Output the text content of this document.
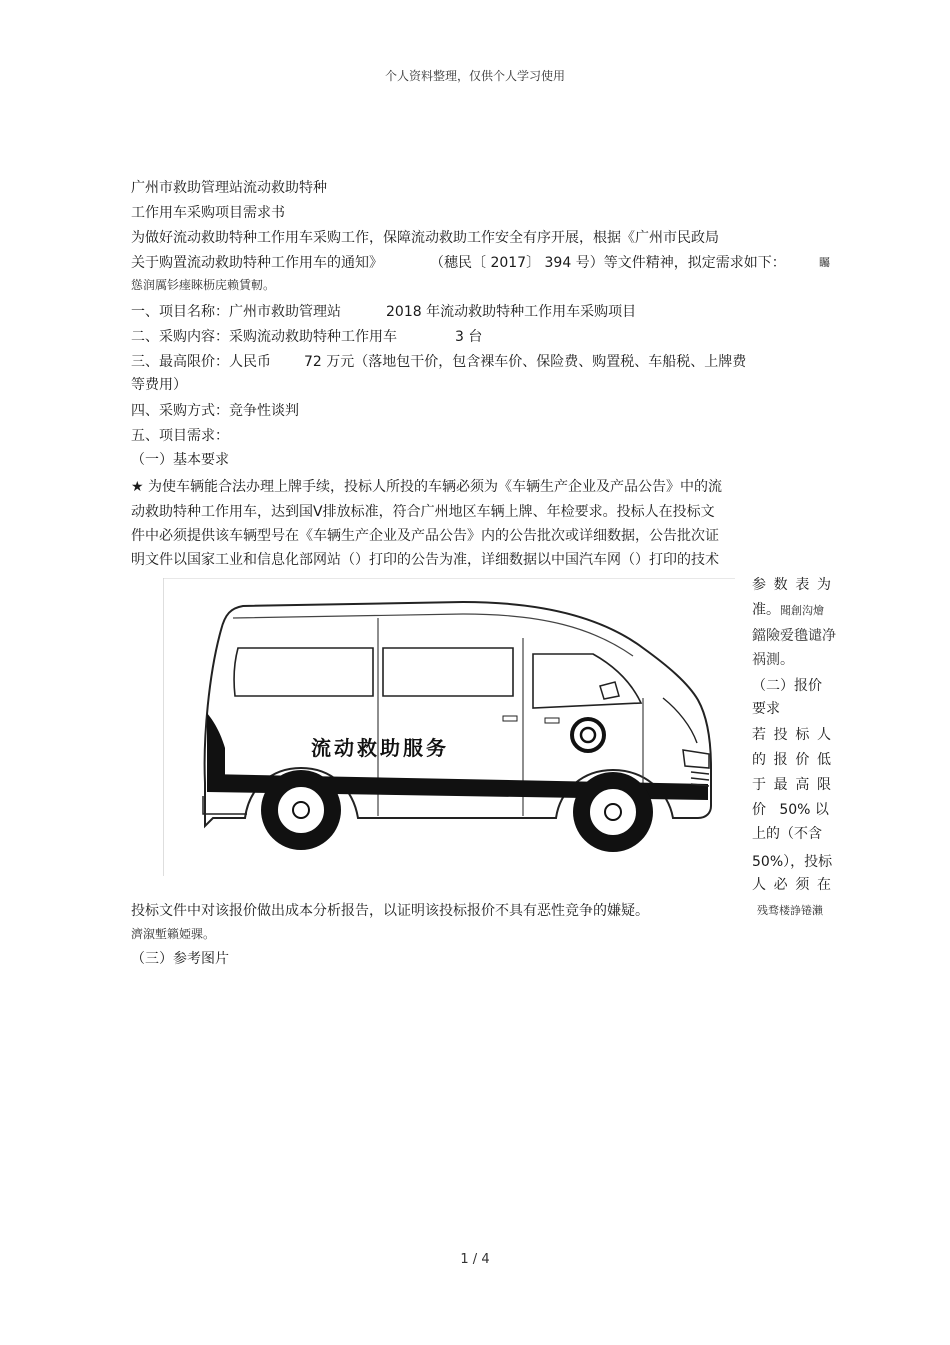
个人资料整理，仅供个人学习使用
广州市救助管理站流动救助特种
工作用车采购项目需求书
为做好流动救助特种工作用车采购工作，保障流动救助工作安全有序开展，根据《广州市民政局
关于购置流动救助特种工作用车的通知》	（穗民〔 2017〕 394 号）等文件精神，拟定需求如下：	矚
慫润厲钐瘗睞枥庑赖賃軔。
一、项目名称：广州市救助管理站	2018 年流动救助特种工作用车采购项目
二、采购内容：采购流动救助特种工作用车	3 台
三、最高限价：人民币 72 万元（落地包干价，包含裸车价、保险费、购置税、车船税、上牌费
等费用）
四、采购方式：竞争性谈判
五、项目需求：
（一）基本要求
★ 为使车辆能合法办理上牌手续，投标人所投的车辆必须为《车辆生产企业及产品公告》中的流
动救助特种工作用车，达到国Ⅴ排放标准，符合广州地区车辆上牌、年检要求。投标人在投标文
件中必须提供该车辆型号在《车辆生产企业及产品公告》内的公告批次或详细数据，公告批次证
明文件以国家工业和信息化部网站（）打印的公告为准，详细数据以中国汽车网（）打印的技术
参 数 表 为
准。聞創沟燴
鐺險爱氇谴净
祸測。
（二）报价
要求
若 投 标 人
的 报 价 低
于 最 高 限
价   50% 以
上的（不含
50%），投标
人 必 须 在
流动救助服务
投标文件中对该报价做出成本分析报告，以证明该投标报价不具有恶性竞争的嫌疑。	残骛楼諍锩瀨
濟溆塹籟婭骒。
（三）参考图片
1 / 4
